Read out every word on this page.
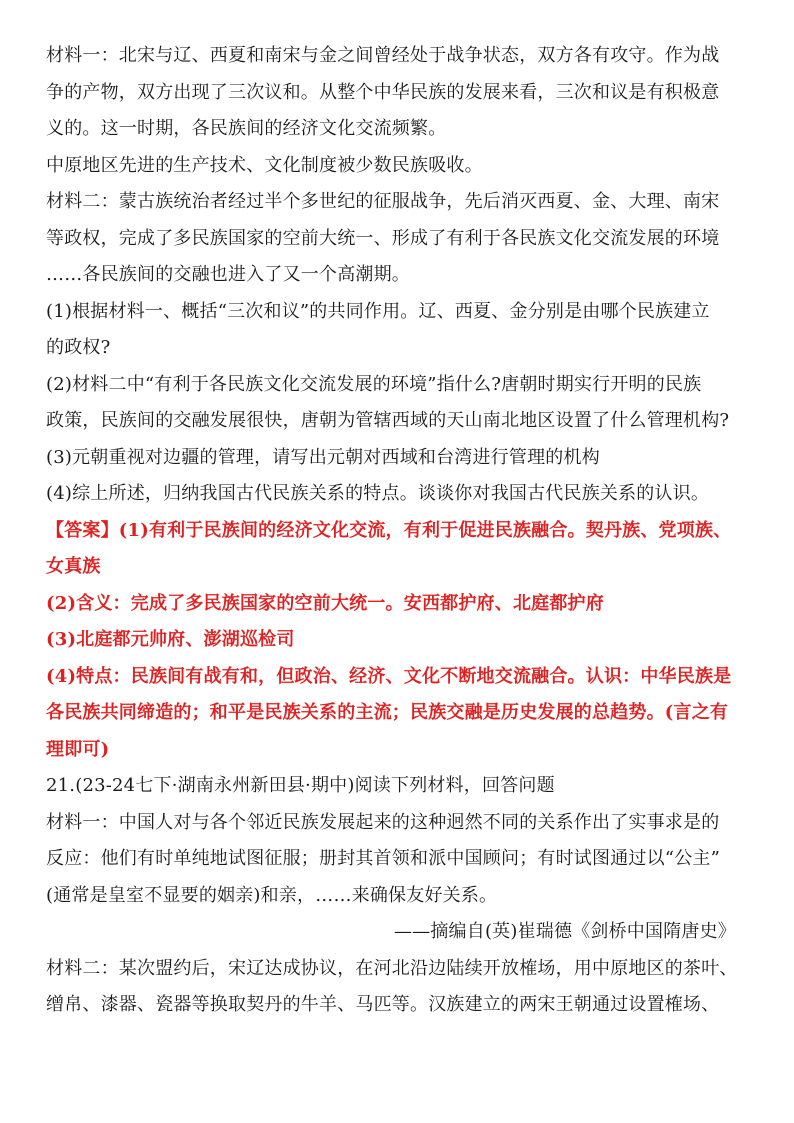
材料一：北宋与辽、西夏和南宋与金之间曾经处于战争状态，双方各有攻守。作为战
争的产物，双方出现了三次议和。从整个中华民族的发展来看，三次和议是有积极意
义的。这一时期，各民族间的经济文化交流频繁。
中原地区先进的生产技术、文化制度被少数民族吸收。
材料二：蒙古族统治者经过半个多世纪的征服战争，先后消灭西夏、金、大理、南宋
等政权，完成了多民族国家的空前大统一、形成了有利于各民族文化交流发展的环境
……各民族间的交融也进入了又一个高潮期。
(1)根据材料一、概括“三次和议”的共同作用。辽、西夏、金分别是由哪个民族建立
的政权?
(2)材料二中“有利于各民族文化交流发展的环境”指什么?唐朝时期实行开明的民族
政策，民族间的交融发展很快，唐朝为管辖西域的天山南北地区设置了什么管理机构?
(3)元朝重视对边疆的管理，请写出元朝对西域和台湾进行管理的机构
(4)综上所述，归纳我国古代民族关系的特点。谈谈你对我国古代民族关系的认识。
【答案】(1)有利于民族间的经济文化交流，有利于促进民族融合。契丹族、党项族、
女真族
(2)含义：完成了多民族国家的空前大统一。安西都护府、北庭都护府
(3)北庭都元帅府、澎湖巡检司
(4)特点：民族间有战有和，但政治、经济、文化不断地交流融合。认识：中华民族是
各民族共同缔造的；和平是民族关系的主流；民族交融是历史发展的总趋势。(言之有
理即可)
21.(23-24七下·湖南永州新田县·期中)阅读下列材料，回答问题
材料一：中国人对与各个邻近民族发展起来的这种迥然不同的关系作出了实事求是的
反应：他们有时单纯地试图征服；册封其首领和派中国顾问；有时试图通过以“公主”
(通常是皇室不显要的姻亲)和亲，……来确保友好关系。
——摘编自(英)崔瑞德《剑桥中国隋唐史》
材料二：某次盟约后，宋辽达成协议，在河北沿边陆续开放榷场，用中原地区的茶叶、
缯帛、漆器、瓷器等换取契丹的牛羊、马匹等。汉族建立的两宋王朝通过设置榷场、
